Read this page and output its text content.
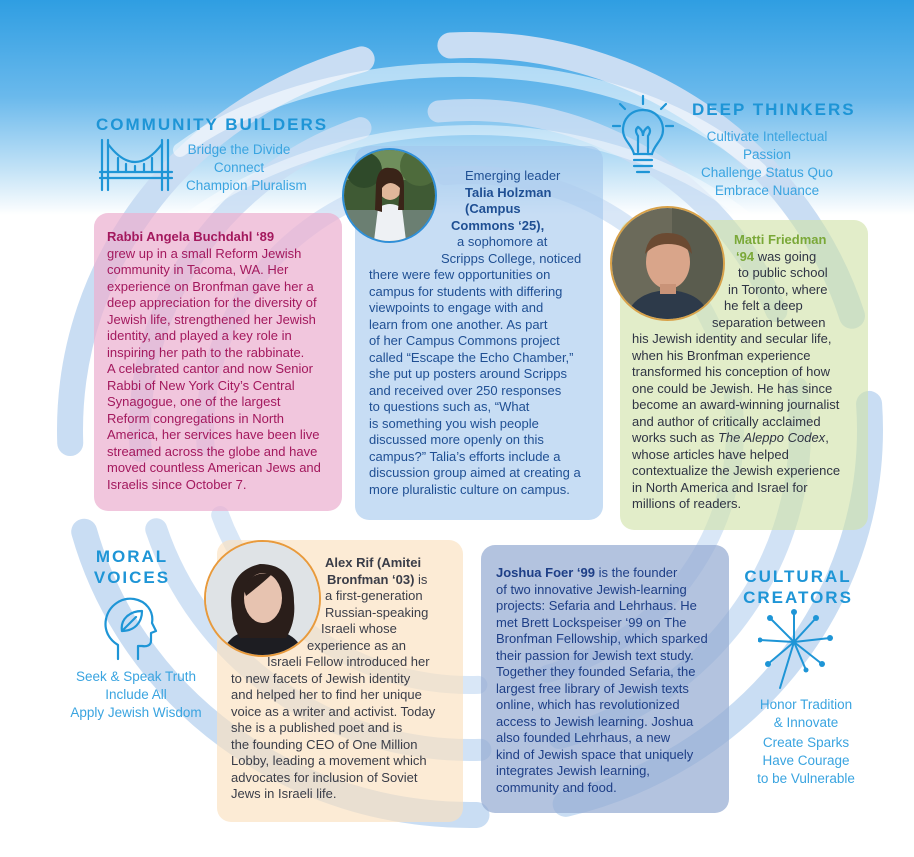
COMMUNITY BUILDERS
Bridge the Divide
Connect
Champion Pluralism
DEEP THINKERS
Cultivate Intellectual
Passion
Challenge Status Quo
Embrace Nuance
MORAL
VOICES
Seek & Speak Truth
Include All
Apply Jewish Wisdom
CULTURAL
CREATORS
Honor Tradition
& Innovate
Create Sparks
Have Courage
to be Vulnerable
Rabbi Angela Buchdahl ‘89
grew up in a small Reform Jewish
community in Tacoma, WA. Her
experience on Bronfman gave her a
deep appreciation for the diversity of
Jewish life, strengthened her Jewish
identity, and played a key role in
inspiring her path to the rabbinate.
A celebrated cantor and now Senior
Rabbi of New York City’s Central
Synagogue, one of the largest
Reform congregations in North
America, her services have been live
streamed across the globe and have
moved countless American Jews and
Israelis since October 7.
Emerging leader
Talia Holzman
(Campus
Commons ‘25),
a sophomore at
Scripps College, noticed
there were few opportunities on
campus for students with differing
viewpoints to engage with and
learn from one another. As part
of her Campus Commons project
called “Escape the Echo Chamber,”
she put up posters around Scripps
and received over 250 responses
to questions such as, “What
is something you wish people
discussed more openly on this
campus?” Talia’s efforts include a
discussion group aimed at creating a
more pluralistic culture on campus.
Matti Friedman
‘94 was going
to public school
in Toronto, where
he felt a deep
separation between
his Jewish identity and secular life,
when his Bronfman experience
transformed his conception of how
one could be Jewish. He has since
become an award-winning journalist
and author of critically acclaimed
works such as The Aleppo Codex,
whose articles have helped
contextualize the Jewish experience
in North America and Israel for
millions of readers.
Alex Rif (Amitei
Bronfman ‘03) is
a first-generation
Russian-speaking
Israeli whose
experience as an
Israeli Fellow introduced her
to new facets of Jewish identity
and helped her to find her unique
voice as a writer and activist. Today
she is a published poet and is
the founding CEO of One Million
Lobby, leading a movement which
advocates for inclusion of Soviet
Jews in Israeli life.
Joshua Foer ‘99 is the founder
of two innovative Jewish-learning
projects: Sefaria and Lehrhaus. He
met Brett Lockspeiser ‘99 on The
Bronfman Fellowship, which sparked
their passion for Jewish text study.
Together they founded Sefaria, the
largest free library of Jewish texts
online, which has revolutionized
access to Jewish learning. Joshua
also founded Lehrhaus, a new
kind of Jewish space that uniquely
integrates Jewish learning,
community and food.
